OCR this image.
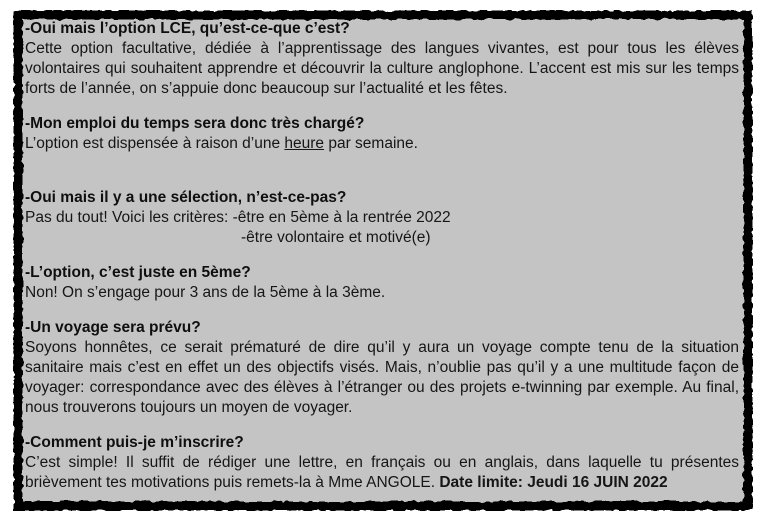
-Oui mais l’option LCE, qu’est-ce-que c’est?

Cette option facultative, dédiée à l’apprentissage des langues vivantes, est pour tous les élèves volontaires qui souhaitent apprendre et découvrir la culture anglophone. L’accent est mis sur les temps forts de l’année, on s’appuie donc beaucoup sur l’actualité et les fêtes.

-Mon emploi du temps sera donc très chargé?

L’option est dispensée à raison d’une heure par semaine.

-Oui mais il y a une sélection, n’est-ce-pas?

Pas du tout! Voici les critères: -être en 5ème à la rentrée 2022

-être volontaire et motivé(e)

-L’option, c’est juste en 5ème?

Non! On s’engage pour 3 ans de la 5ème à la 3ème.

-Un voyage sera prévu?

Soyons honnêtes, ce serait prématuré de dire qu’il y aura un voyage compte tenu de la situation sanitaire mais c’est en effet un des objectifs visés. Mais, n’oublie pas qu’il y a une multitude façon de voyager: correspondance avec des élèves à l’étranger ou des projets e-twinning par exemple. Au final, nous trouverons toujours un moyen de voyager.

-Comment puis-je m’inscrire?

C’est simple! Il suffit de rédiger une lettre, en français ou en anglais, dans laquelle tu présentes brièvement tes motivations puis remets-la à Mme ANGOLE. Date limite: Jeudi 16 JUIN 2022
